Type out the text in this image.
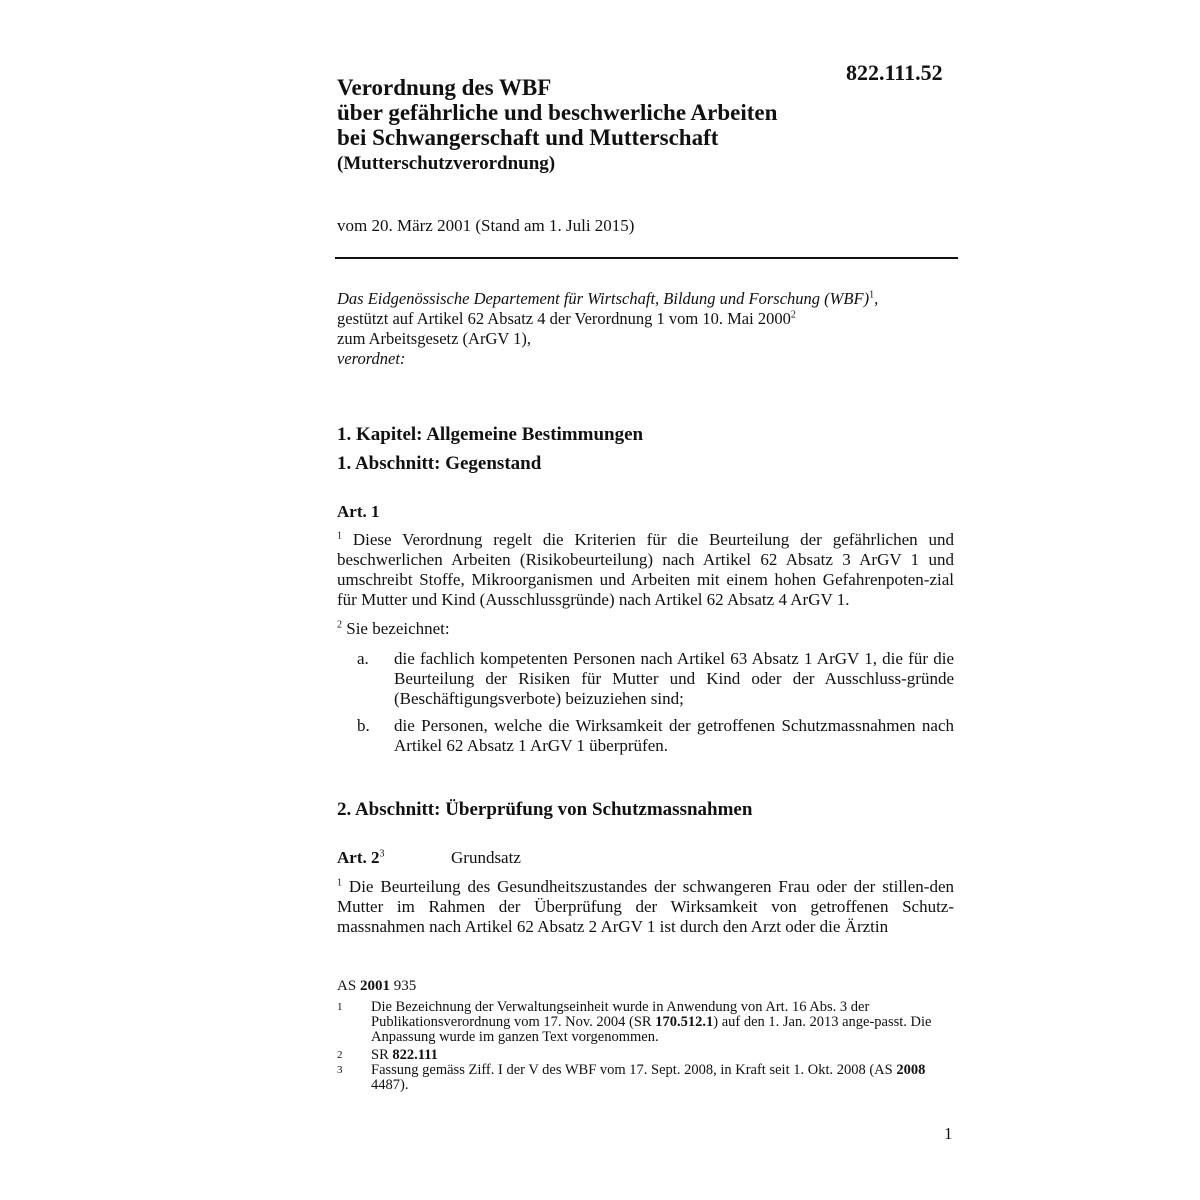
822.111.52
Verordnung des WBF
über gefährliche und beschwerliche Arbeiten
bei Schwangerschaft und Mutterschaft
(Mutterschutzverordnung)
vom 20. März 2001 (Stand am 1. Juli 2015)

Das Eidgenössische Departement für Wirtschaft, Bildung und Forschung (WBF)$^1$,

gestützt auf Artikel 62 Absatz 4 der Verordnung 1 vom 10. Mai 2000$^2$

zum Arbeitsgesetz (ArGV 1),

verordnet:

1. Kapitel: Allgemeine Bestimmungen
1. Abschnitt: Gegenstand
Art. 1
$^1$ Diese Verordnung regelt die Kriterien für die Beurteilung der gefährlichen und beschwerlichen Arbeiten (Risikobeurteilung) nach Artikel 62 Absatz 3 ArGV 1 und umschreibt Stoffe, Mikroorganismen und Arbeiten mit einem hohen Gefahrenpoten-zial für Mutter und Kind (Ausschlussgründe) nach Artikel 62 Absatz 4 ArGV 1.
$^2$ Sie bezeichnet:
a. die fachlich kompetenten Personen nach Artikel 63 Absatz 1 ArGV 1, die für die Beurteilung der Risiken für Mutter und Kind oder der Ausschluss-gründe (Beschäftigungsverbote) beizuziehen sind;
b. die Personen, welche die Wirksamkeit der getroffenen Schutzmassnahmen nach Artikel 62 Absatz 1 ArGV 1 überprüfen.
2. Abschnitt: Überprüfung von Schutzmassnahmen
Art. $2^3$	Grundsatz
$^1$ Die Beurteilung des Gesundheitszustandes der schwangeren Frau oder der stillen-den Mutter im Rahmen der Überprüfung der Wirksamkeit von getroffenen Schutz-massnahmen nach Artikel 62 Absatz 2 ArGV 1 ist durch den Arzt oder die Ärztin
AS 2001 935
1 Die Bezeichnung der Verwaltungseinheit wurde in Anwendung von Art. 16 Abs. 3 der Publikationsverordnung vom 17. Nov. 2004 (SR 170.512.1) auf den 1. Jan. 2013 ange-passt. Die Anpassung wurde im ganzen Text vorgenommen.
2 SR 822.111
3 Fassung gemäss Ziff. I der V des WBF vom 17. Sept. 2008, in Kraft seit 1. Okt. 2008 (AS 2008 4487).
1
